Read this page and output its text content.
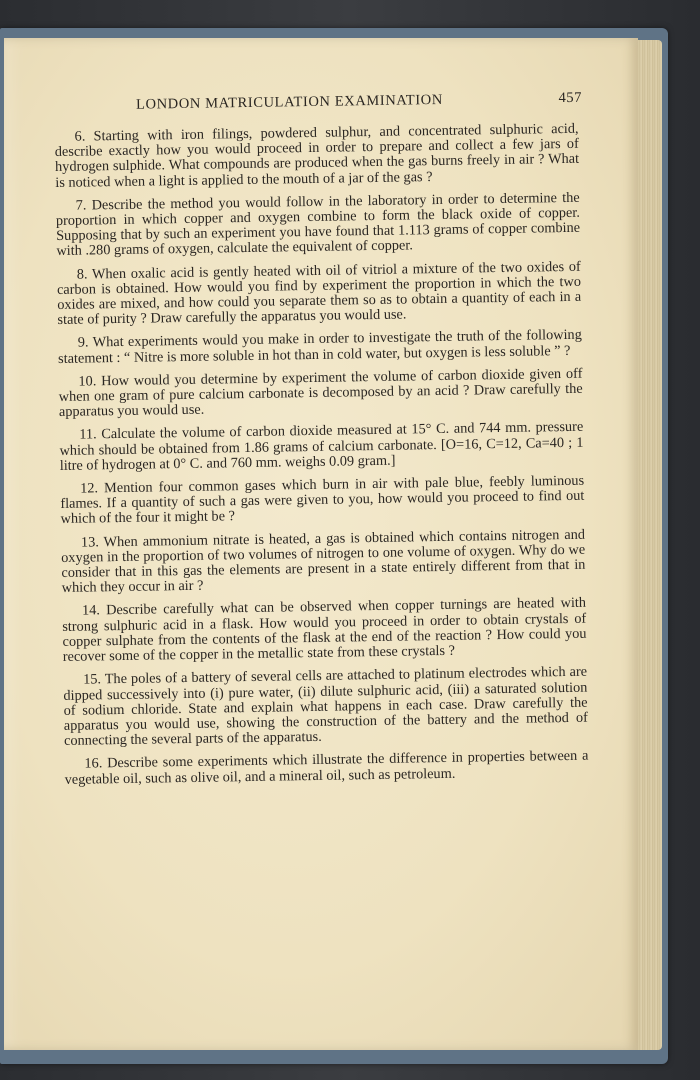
LONDON MATRICULATION EXAMINATION	457

6. Starting with iron filings, powdered sulphur, and concentrated sulphuric acid, describe exactly how you would proceed in order to prepare and collect a few jars of hydrogen sulphide. What compounds are produced when the gas burns freely in air ? What is noticed when a light is applied to the mouth of a jar of the gas ?

7. Describe the method you would follow in the laboratory in order to determine the proportion in which copper and oxygen combine to form the black oxide of copper. Supposing that by such an experiment you have found that 1.113 grams of copper combine with .280 grams of oxygen, calculate the equivalent of copper.

8. When oxalic acid is gently heated with oil of vitriol a mixture of the two oxides of carbon is obtained. How would you find by experiment the proportion in which the two oxides are mixed, and how could you separate them so as to obtain a quantity of each in a state of purity ? Draw carefully the apparatus you would use.

9. What experiments would you make in order to investigate the truth of the following statement : “ Nitre is more soluble in hot than in cold water, but oxygen is less soluble ” ?

10. How would you determine by experiment the volume of carbon dioxide given off when one gram of pure calcium carbonate is decomposed by an acid ? Draw carefully the apparatus you would use.

11. Calculate the volume of carbon dioxide measured at 15° C. and 744 mm. pressure which should be obtained from 1.86 grams of calcium carbonate. [O=16, C=12, Ca=40 ; 1 litre of hydrogen at 0° C. and 760 mm. weighs 0.09 gram.]

12. Mention four common gases which burn in air with pale blue, feebly luminous flames. If a quantity of such a gas were given to you, how would you proceed to find out which of the four it might be ?

13. When ammonium nitrate is heated, a gas is obtained which contains nitrogen and oxygen in the proportion of two volumes of nitrogen to one volume of oxygen. Why do we consider that in this gas the elements are present in a state entirely different from that in which they occur in air ?

14. Describe carefully what can be observed when copper turnings are heated with strong sulphuric acid in a flask. How would you proceed in order to obtain crystals of copper sulphate from the contents of the flask at the end of the reaction ? How could you recover some of the copper in the metallic state from these crystals ?

15. The poles of a battery of several cells are attached to platinum electrodes which are dipped successively into (i) pure water, (ii) dilute sulphuric acid, (iii) a saturated solution of sodium chloride. State and explain what happens in each case. Draw carefully the apparatus you would use, showing the construction of the battery and the method of connecting the several parts of the apparatus.

16. Describe some experiments which illustrate the difference in properties between a vegetable oil, such as olive oil, and a mineral oil, such as petroleum.
